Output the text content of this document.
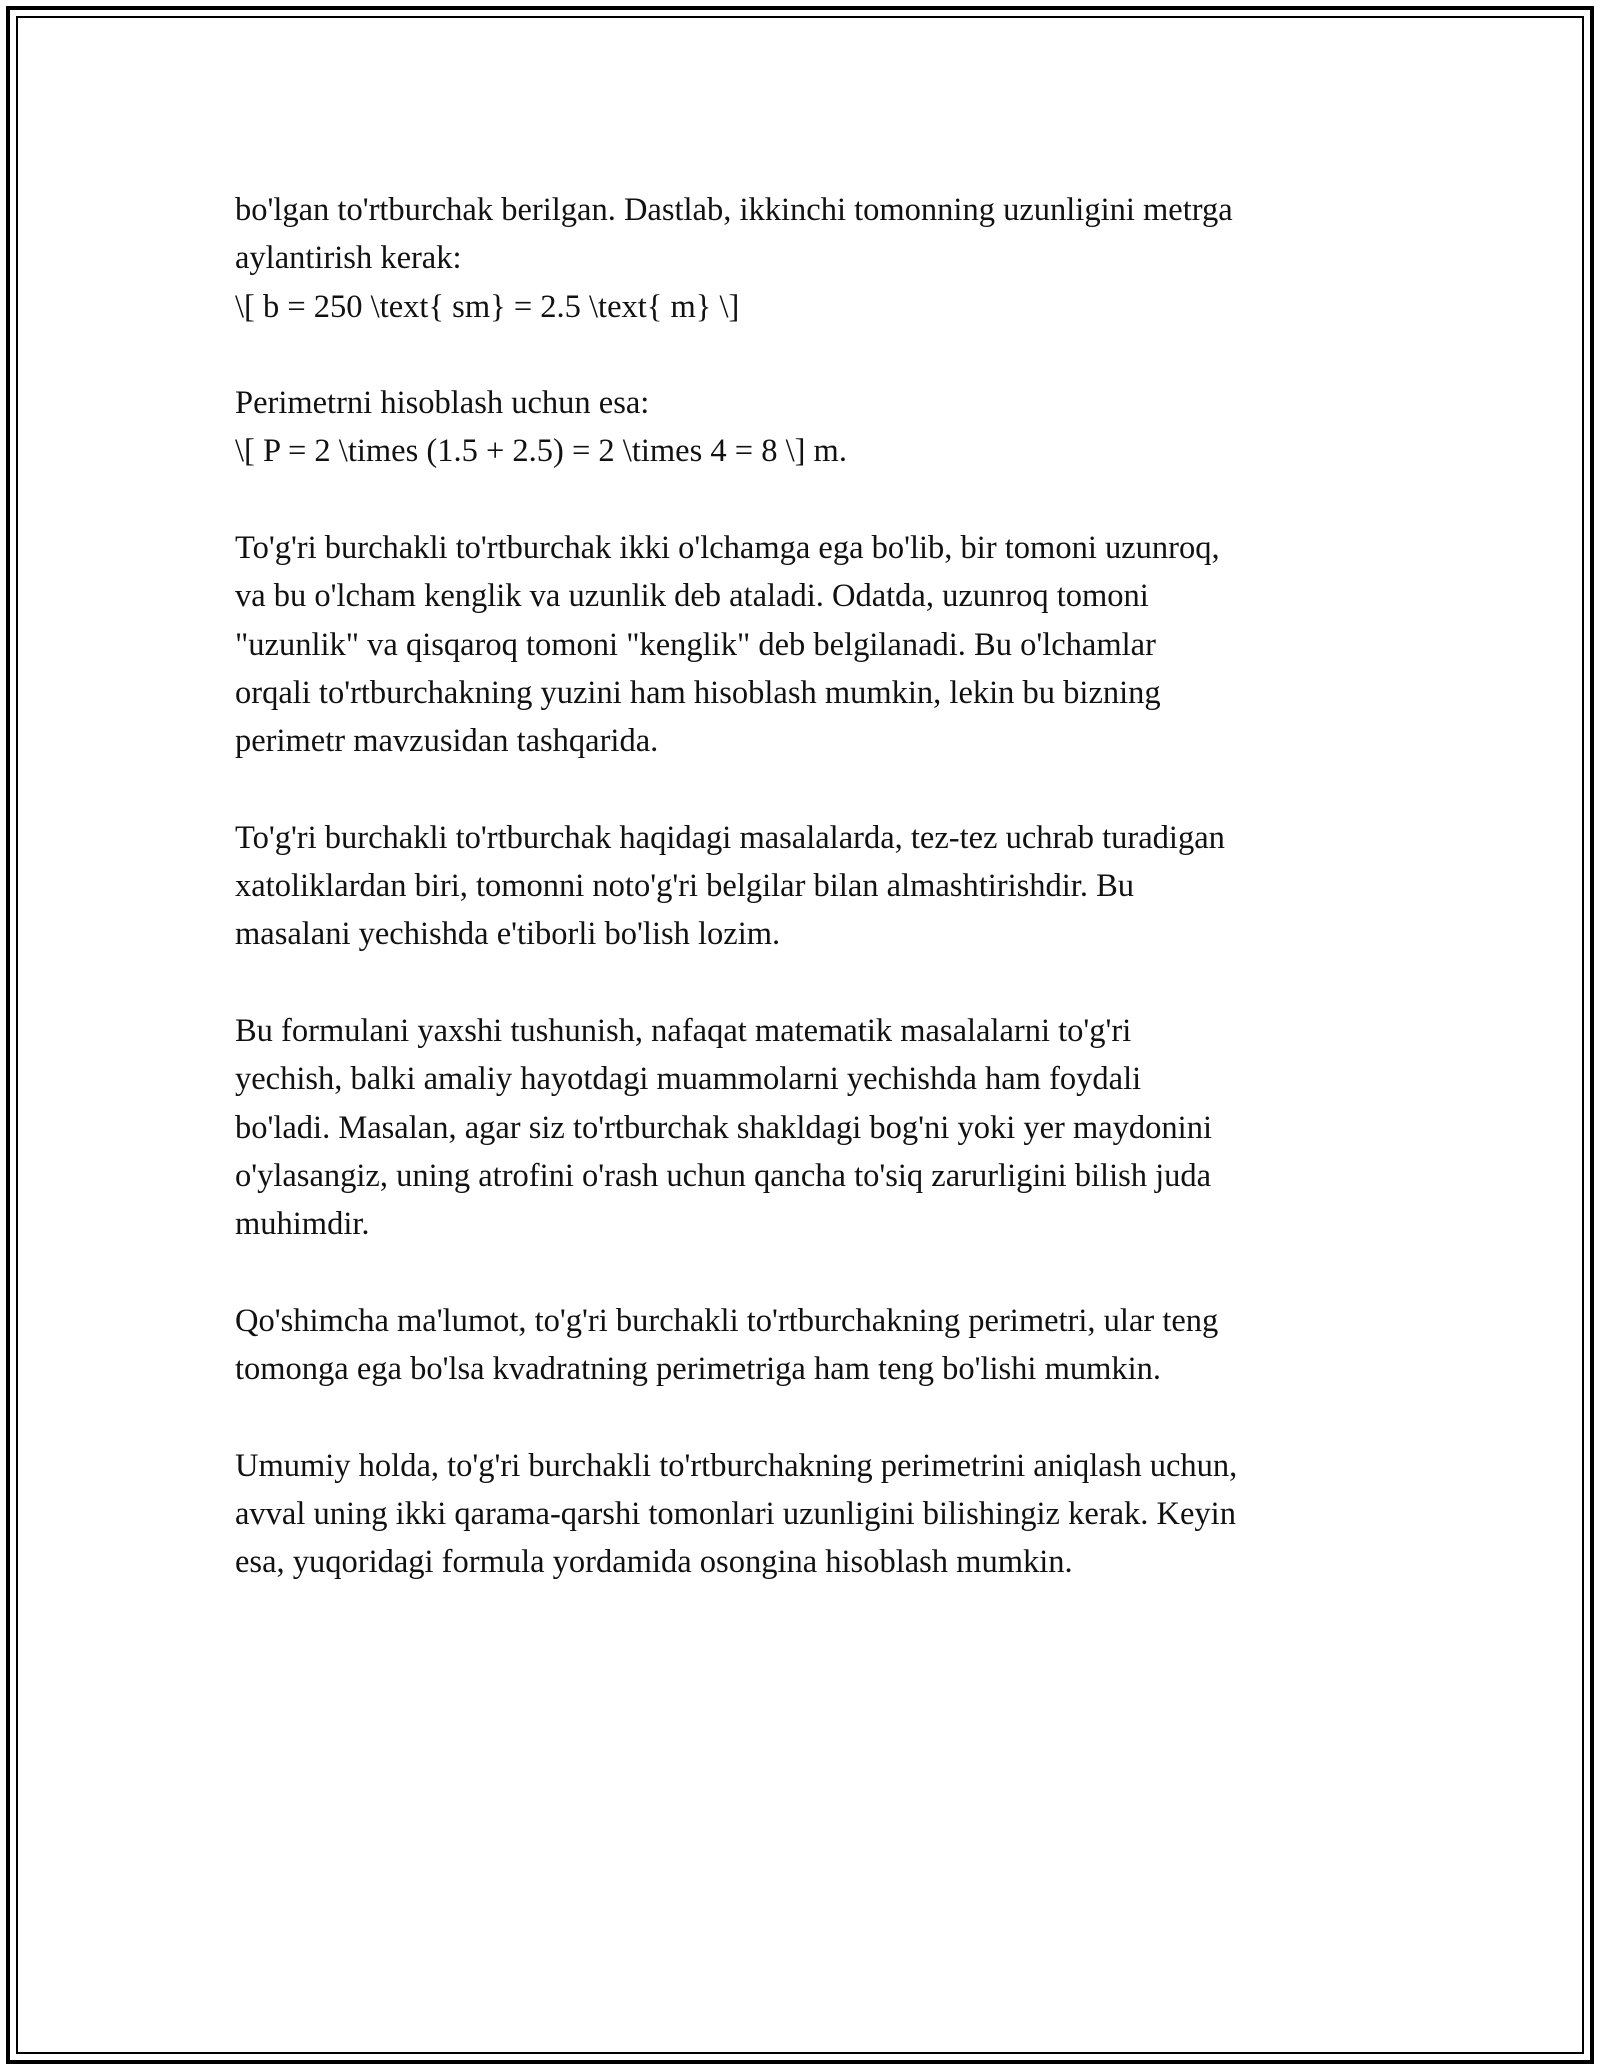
bo'lgan to'rtburchak berilgan. Dastlab, ikkinchi tomonning uzunligini metrga
aylantirish kerak:
\[ b = 250 \text{ sm} = 2.5 \text{ m} \]

Perimetrni hisoblash uchun esa:
\[ P = 2 \times (1.5 + 2.5) = 2 \times 4 = 8 \] m.

To'g'ri burchakli to'rtburchak ikki o'lchamga ega bo'lib, bir tomoni uzunroq,
va bu o'lcham kenglik va uzunlik deb ataladi. Odatda, uzunroq tomoni
"uzunlik" va qisqaroq tomoni "kenglik" deb belgilanadi. Bu o'lchamlar
orqali to'rtburchakning yuzini ham hisoblash mumkin, lekin bu bizning
perimetr mavzusidan tashqarida.

To'g'ri burchakli to'rtburchak haqidagi masalalarda, tez-tez uchrab turadigan
xatoliklardan biri, tomonni noto'g'ri belgilar bilan almashtirishdir. Bu
masalani yechishda e'tiborli bo'lish lozim.

Bu formulani yaxshi tushunish, nafaqat matematik masalalarni to'g'ri
yechish, balki amaliy hayotdagi muammolarni yechishda ham foydali
bo'ladi. Masalan, agar siz to'rtburchak shakldagi bog'ni yoki yer maydonini
o'ylasangiz, uning atrofini o'rash uchun qancha to'siq zarurligini bilish juda
muhimdir.

Qo'shimcha ma'lumot, to'g'ri burchakli to'rtburchakning perimetri, ular teng
tomonga ega bo'lsa kvadratning perimetriga ham teng bo'lishi mumkin.

Umumiy holda, to'g'ri burchakli to'rtburchakning perimetrini aniqlash uchun,
avval uning ikki qarama-qarshi tomonlari uzunligini bilishingiz kerak. Keyin
esa, yuqoridagi formula yordamida osongina hisoblash mumkin.
